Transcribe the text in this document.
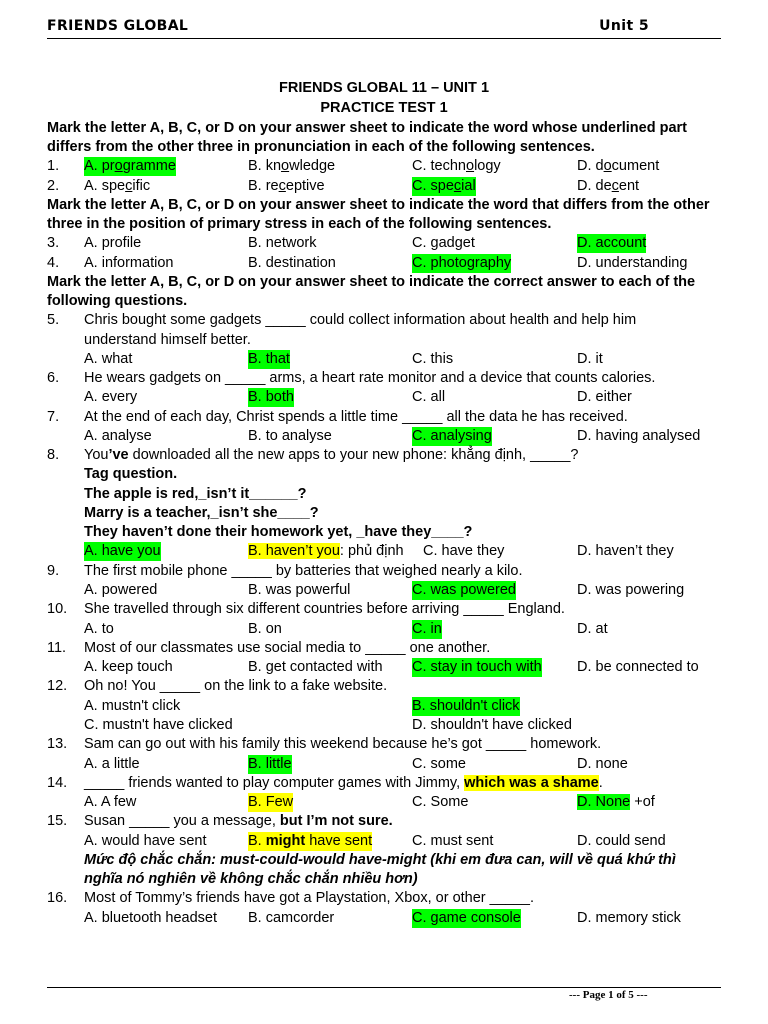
FRIENDS GLOBAL	Unit 5
FRIENDS GLOBAL 11 – UNIT 1
PRACTICE TEST 1
Mark the letter A, B, C, or D on your answer sheet to indicate the word whose underlined part differs from the other three in pronunciation in each of the following sentences.
1. A. programme	B. knowledge	C. technology	D. document
2. A. specific	B. receptive	C. special	D. decent
Mark the letter A, B, C, or D on your answer sheet to indicate the word that differs from the other three in the position of primary stress in each of the following sentences.
3. A. profile	B. network	C. gadget	D. account
4. A. information	B. destination	C. photography	D. understanding
Mark the letter A, B, C, or D on your answer sheet to indicate the correct answer to each of the following questions.
5. Chris bought some gadgets _____ could collect information about health and help him
understand himself better.
A. what	B. that	C. this	D. it
6. He wears gadgets on _____ arms, a heart rate monitor and a device that counts calories.
A. every	B. both	C. all	D. either
7. At the end of each day, Christ spends a little time _____ all the data he has received.
A. analyse	B. to analyse	C. analysing	D. having analysed
8. You’ve downloaded all the new apps to your new phone: khẳng định, _____?
Tag question.
The apple is red,_isn’t it______?
Marry is a teacher,_isn’t she____?
They haven’t done their homework yet, _have they____?
A. have you	B. haven’t you: phủ định C. have they	D. haven’t they
9. The first mobile phone _____ by batteries that weighed nearly a kilo.
A. powered	B. was powerful	C. was powered	D. was powering
10. She travelled through six different countries before arriving _____ England.
A. to	B. on	C. in	D. at
11. Most of our classmates use social media to _____ one another.
A. keep touch	B. get contacted with C. stay in touch with D. be connected to
12. Oh no! You _____ on the link to a fake website.
A. mustn't click	B. shouldn't click
C. mustn't have clicked	D. shouldn't have clicked
13. Sam can go out with his family this weekend because he’s got _____ homework.
A. a little	B. little	C. some	D. none
14. _____ friends wanted to play computer games with Jimmy, which was a shame.
A. A few	B. Few	C. Some	D. None +of
15. Susan _____ you a message, but I’m not sure.
A. would have sent	B. might have sent	C. must sent	D. could send
Mức độ chắc chắn: must-could-would have-might (khi em đưa can, will về quá khứ thì
nghĩa nó nghiên về không chắc chắn nhiều hơn)
16. Most of Tommy’s friends have got a Playstation, Xbox, or other _____.
A. bluetooth headset B. camcorder	C. game console	D. memory stick
--- Page 1 of 5 ---
